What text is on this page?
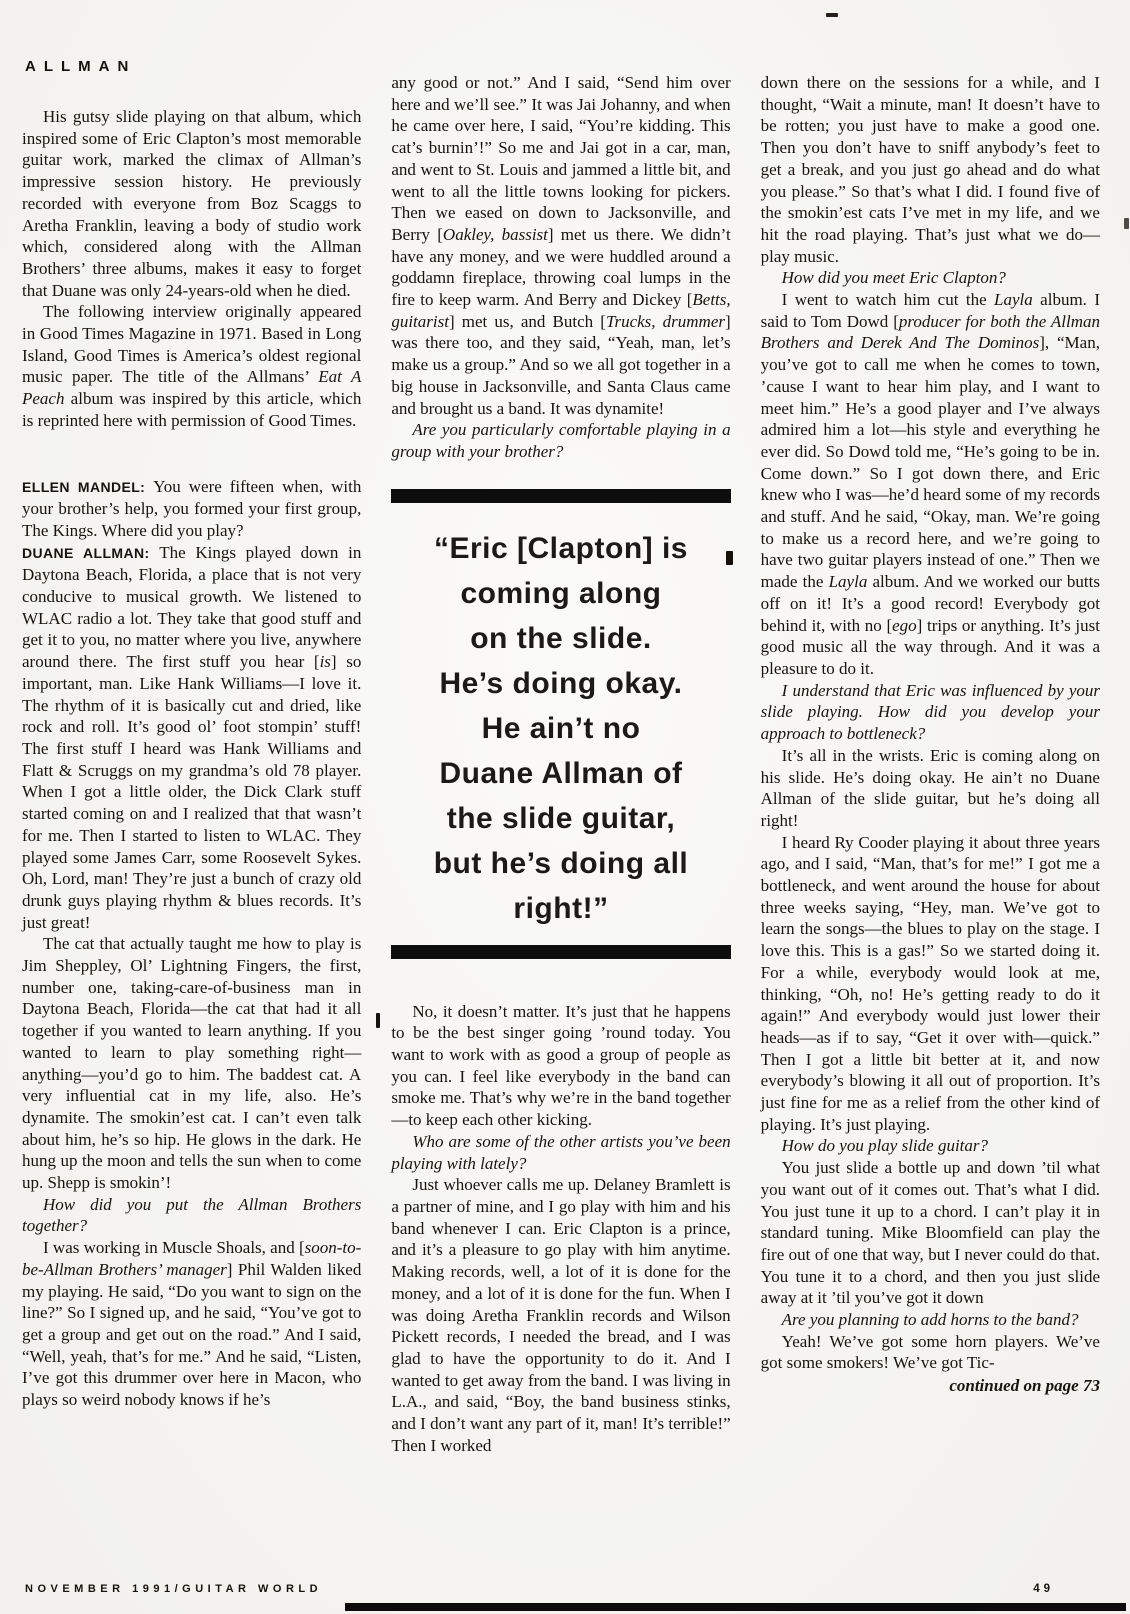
ALLMAN

His gutsy slide playing on that album, which inspired some of Eric Clapton’s most memorable guitar work, marked the climax of Allman’s impressive session history. He previously recorded with everyone from Boz Scaggs to Aretha Franklin, leaving a body of studio work which, considered along with the Allman Brothers’ three albums, makes it easy to forget that Duane was only 24-years-old when he died.

The following interview originally appeared in Good Times Magazine in 1971. Based in Long Island, Good Times is America’s oldest regional music paper. The title of the Allmans’ Eat A Peach album was inspired by this article, which is reprinted here with permission of Good Times.

ELLEN MANDEL: You were fifteen when, with your brother’s help, you formed your first group, The Kings. Where did you play?

DUANE ALLMAN: The Kings played down in Daytona Beach, Florida, a place that is not very conducive to musical growth. We listened to WLAC radio a lot. They take that good stuff and get it to you, no matter where you live, anywhere around there. The first stuff you hear [is] so important, man. Like Hank Williams—I love it. The rhythm of it is basically cut and dried, like rock and roll. It’s good ol’ foot stompin’ stuff! The first stuff I heard was Hank Williams and Flatt & Scruggs on my grandma’s old 78 player. When I got a little older, the Dick Clark stuff started coming on and I realized that that wasn’t for me. Then I started to listen to WLAC. They played some James Carr, some Roosevelt Sykes. Oh, Lord, man! They’re just a bunch of crazy old drunk guys playing rhythm & blues records. It’s just great!

The cat that actually taught me how to play is Jim Sheppley, Ol’ Lightning Fingers, the first, number one, taking-care-of-business man in Daytona Beach, Florida—the cat that had it all together if you wanted to learn anything. If you wanted to learn to play something right—anything—you’d go to him. The baddest cat. A very influential cat in my life, also. He’s dynamite. The smokin’est cat. I can’t even talk about him, he’s so hip. He glows in the dark. He hung up the moon and tells the sun when to come up. Shepp is smokin’!

How did you put the Allman Brothers together?

I was working in Muscle Shoals, and [soon-to-be-Allman Brothers’ manager] Phil Walden liked my playing. He said, “Do you want to sign on the line?” So I signed up, and he said, “You’ve got to get a group and get out on the road.” And I said, “Well, yeah, that’s for me.” And he said, “Listen, I’ve got this drummer over here in Macon, who plays so weird nobody knows if he’s

any good or not.” And I said, “Send him over here and we’ll see.” It was Jai Johanny, and when he came over here, I said, “You’re kidding. This cat’s burnin’!” So me and Jai got in a car, man, and went to St. Louis and jammed a little bit, and went to all the little towns looking for pickers. Then we eased on down to Jacksonville, and Berry [Oakley, bassist] met us there. We didn’t have any money, and we were huddled around a goddamn fireplace, throwing coal lumps in the fire to keep warm. And Berry and Dickey [Betts, guitarist] met us, and Butch [Trucks, drummer] was there too, and they said, “Yeah, man, let’s make us a group.” And so we all got together in a big house in Jacksonville, and Santa Claus came and brought us a band. It was dynamite!

Are you particularly comfortable playing in a group with your brother?

“Eric [Clapton] is
coming along
on the slide.
He’s doing okay.
He ain’t no
Duane Allman of
the slide guitar,
but he’s doing all
right!”

No, it doesn’t matter. It’s just that he happens to be the best singer going ’round today. You want to work with as good a group of people as you can. I feel like everybody in the band can smoke me. That’s why we’re in the band together—to keep each other kicking.

Who are some of the other artists you’ve been playing with lately?

Just whoever calls me up. Delaney Bramlett is a partner of mine, and I go play with him and his band whenever I can. Eric Clapton is a prince, and it’s a pleasure to go play with him anytime. Making records, well, a lot of it is done for the money, and a lot of it is done for the fun. When I was doing Aretha Franklin records and Wilson Pickett records, I needed the bread, and I was glad to have the opportunity to do it. And I wanted to get away from the band. I was living in L.A., and said, “Boy, the band business stinks, and I don’t want any part of it, man! It’s terrible!” Then I worked

down there on the sessions for a while, and I thought, “Wait a minute, man! It doesn’t have to be rotten; you just have to make a good one. Then you don’t have to sniff anybody’s feet to get a break, and you just go ahead and do what you please.” So that’s what I did. I found five of the smokin’est cats I’ve met in my life, and we hit the road playing. That’s just what we do—play music.

How did you meet Eric Clapton?

I went to watch him cut the Layla album. I said to Tom Dowd [producer for both the Allman Brothers and Derek And The Dominos], “Man, you’ve got to call me when he comes to town, ’cause I want to hear him play, and I want to meet him.” He’s a good player and I’ve always admired him a lot—his style and everything he ever did. So Dowd told me, “He’s going to be in. Come down.” So I got down there, and Eric knew who I was—he’d heard some of my records and stuff. And he said, “Okay, man. We’re going to make us a record here, and we’re going to have two guitar players instead of one.” Then we made the Layla album. And we worked our butts off on it! It’s a good record! Everybody got behind it, with no [ego] trips or anything. It’s just good music all the way through. And it was a pleasure to do it.

I understand that Eric was influenced by your slide playing. How did you develop your approach to bottleneck?

It’s all in the wrists. Eric is coming along on his slide. He’s doing okay. He ain’t no Duane Allman of the slide guitar, but he’s doing all right!

I heard Ry Cooder playing it about three years ago, and I said, “Man, that’s for me!” I got me a bottleneck, and went around the house for about three weeks saying, “Hey, man. We’ve got to learn the songs—the blues to play on the stage. I love this. This is a gas!” So we started doing it. For a while, everybody would look at me, thinking, “Oh, no! He’s getting ready to do it again!” And everybody would just lower their heads—as if to say, “Get it over with—quick.” Then I got a little bit better at it, and now everybody’s blowing it all out of proportion. It’s just fine for me as a relief from the other kind of playing. It’s just playing.

How do you play slide guitar?

You just slide a bottle up and down ’til what you want out of it comes out. That’s what I did. You just tune it up to a chord. I can’t play it in standard tuning. Mike Bloomfield can play the fire out of one that way, but I never could do that. You tune it to a chord, and then you just slide away at it ’til you’ve got it down

Are you planning to add horns to the band?

Yeah! We’ve got some horn players. We’ve got some smokers! We’ve got Tic-

continued on page 73

NOVEMBER 1991/GUITAR WORLD	49
